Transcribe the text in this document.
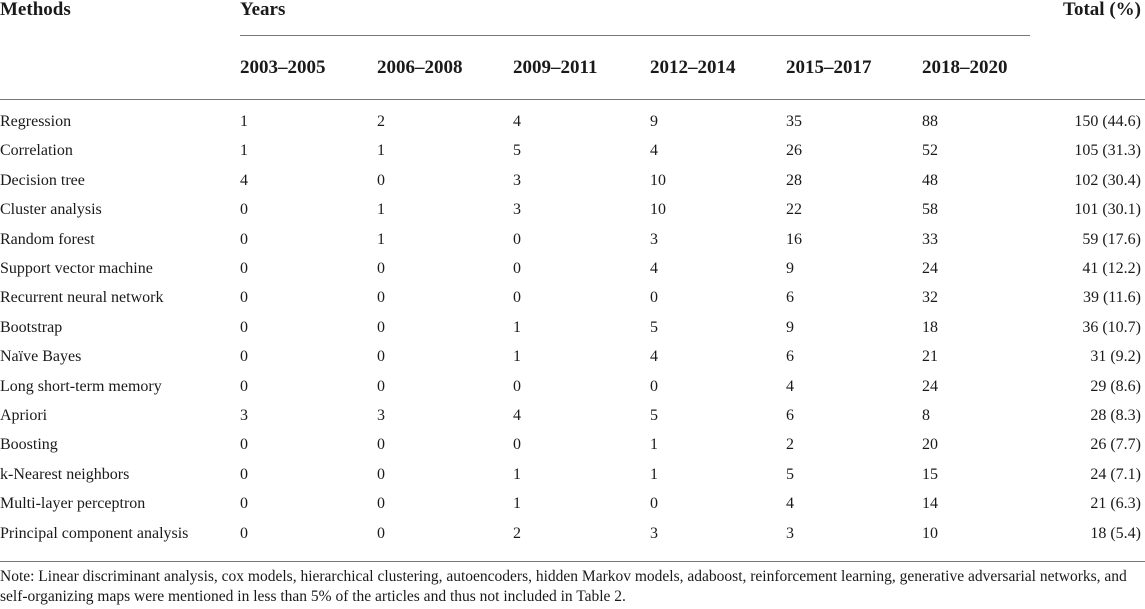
Methods	Years	Total (%)
2003–2005	2006–2008	2009–2011	2012–2014	2015–2017	2018–2020
Regression	1	2	4	9	35	88	150 (44.6)
Correlation	1	1	5	4	26	52	105 (31.3)
Decision tree	4	0	3	10	28	48	102 (30.4)
Cluster analysis	0	1	3	10	22	58	101 (30.1)
Random forest	0	1	0	3	16	33	59 (17.6)
Support vector machine	0	0	0	4	9	24	41 (12.2)
Recurrent neural network	0	0	0	0	6	32	39 (11.6)
Bootstrap	0	0	1	5	9	18	36 (10.7)
Naïve Bayes	0	0	1	4	6	21	31 (9.2)
Long short-term memory	0	0	0	0	4	24	29 (8.6)
Apriori	3	3	4	5	6	8	28 (8.3)
Boosting	0	0	0	1	2	20	26 (7.7)
k-Nearest neighbors	0	0	1	1	5	15	24 (7.1)
Multi-layer perceptron	0	0	1	0	4	14	21 (6.3)
Principal component analysis	0	0	2	3	3	10	18 (5.4)
Note: Linear discriminant analysis, cox models, hierarchical clustering, autoencoders, hidden Markov models, adaboost, reinforcement learning, generative adversarial networks, and self-organizing maps were mentioned in less than 5% of the articles and thus not included in Table 2.
